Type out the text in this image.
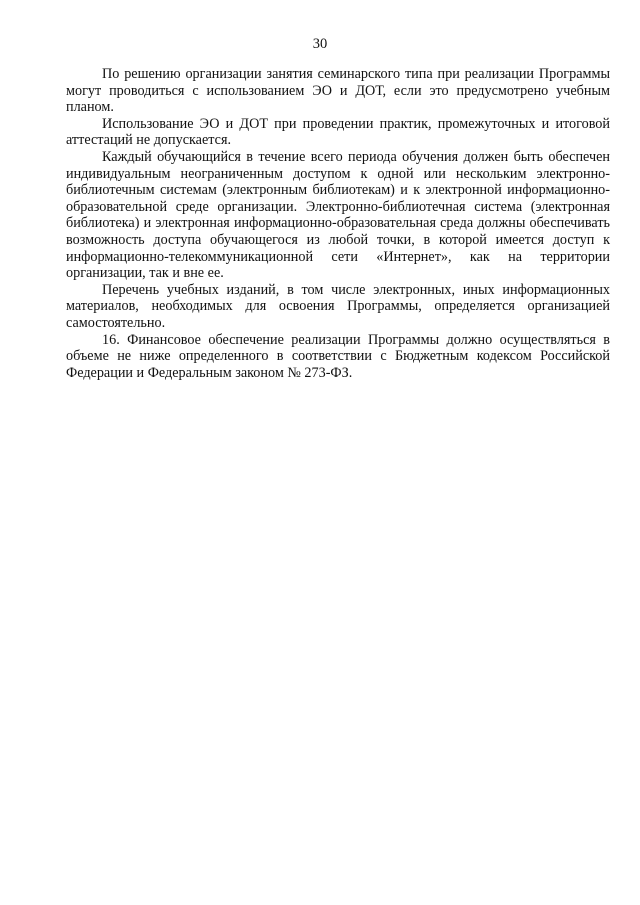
30

По решению организации занятия семинарского типа при реализации Программы могут проводиться с использованием ЭО и ДОТ, если это предусмотрено учебным планом.

Использование ЭО и ДОТ при проведении практик, промежуточных и итоговой аттестаций не допускается.

Каждый обучающийся в течение всего периода обучения должен быть обеспечен индивидуальным неограниченным доступом к одной или нескольким электронно-библиотечным системам (электронным библиотекам) и к электронной информационно-образовательной среде организации. Электронно-библиотечная система (электронная библиотека) и электронная информационно-образовательная среда должны обеспечивать возможность доступа обучающегося из любой точки, в которой имеется доступ к информационно-телекоммуникационной сети «Интернет», как на территории организации, так и вне ее.

Перечень учебных изданий, в том числе электронных, иных информационных материалов, необходимых для освоения Программы, определяется организацией самостоятельно.

16. Финансовое обеспечение реализации Программы должно осуществляться в объеме не ниже определенного в соответствии с Бюджетным кодексом Российской Федерации и Федеральным законом № 273-ФЗ.
